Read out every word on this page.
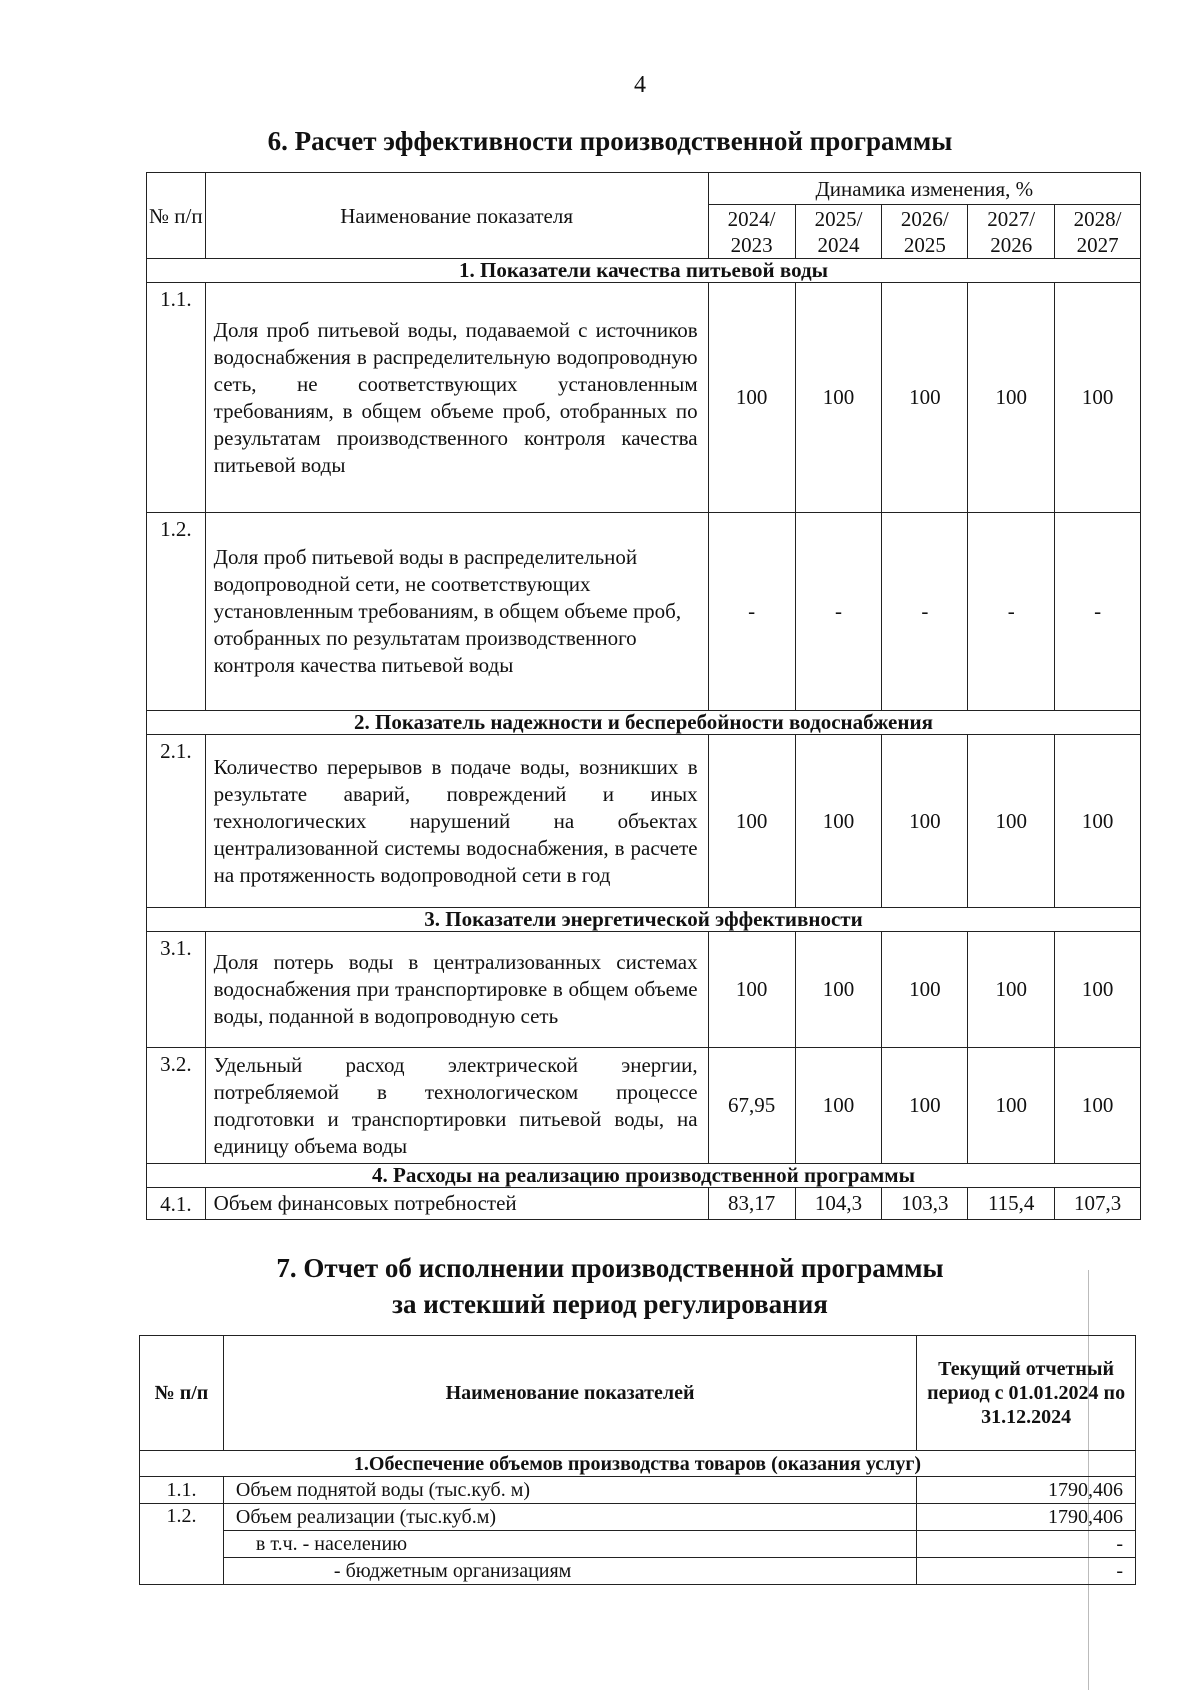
4
6. Расчет эффективности производственной программы
№ п/п	Наименование показателя	Динамика изменения, %				
		2024/ 2023	2025/ 2024	2026/ 2025	2027/ 2026	2028/ 2027
1. Показатели качества питьевой воды						
1.1.	Доля проб питьевой воды, подаваемой с источников водоснабжения в распределительную водопроводную сеть, не соответствующих установленным требованиям, в общем объеме проб, отобранных по результатам производственного контроля качества питьевой воды	100	100	100	100	100
1.2.	Доля проб питьевой воды в распределительной водопроводной сети, не соответствующих установленным требованиям, в общем объеме проб, отобранных по результатам производственного контроля качества питьевой воды	-	-	-	-	-
2. Показатель надежности и бесперебойности водоснабжения						
2.1.	Количество перерывов в подаче воды, возникших в результате аварий, повреждений и иных технологических нарушений на объектах централизованной системы водоснабжения, в расчете на протяженность водопроводной сети в год	100	100	100	100	100
3. Показатели энергетической эффективности						
3.1.	Доля потерь воды в централизованных системах водоснабжения при транспортировке в общем объеме воды, поданной в водопроводную сеть	100	100	100	100	100
3.2.	Удельный расход электрической энергии, потребляемой в технологическом процессе подготовки и транспортировки питьевой воды, на единицу объема воды	67,95	100	100	100	100
4. Расходы на реализацию производственной программы						
4.1.	Объем финансовых потребностей	83,17	104,3	103,3	115,4	107,3
7. Отчет об исполнении производственной программы
за истекший период регулирования
№ п/п	Наименование показателей	Текущий отчетный период с 01.01.2024 по 31.12.2024
1.Обеспечение объемов производства товаров (оказания услуг)		
1.1.	Объем поднятой воды (тыс.куб. м)	1790,406
1.2.	Объем реализации (тыс.куб.м)	1790,406
	в т.ч. - населению	-
	- бюджетным организациям	-
